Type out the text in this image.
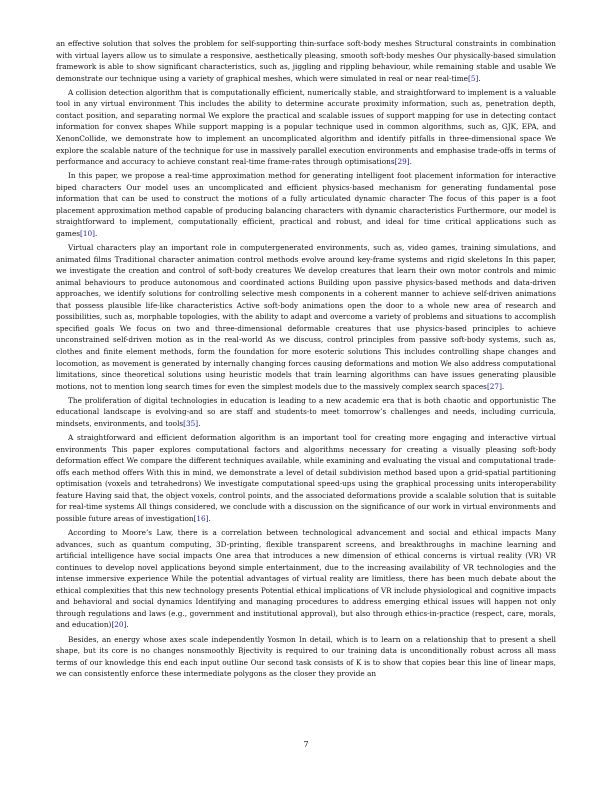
an effective solution that solves the problem for self-supporting thin-surface soft-body meshes Structural constraints in combination with virtual layers allow us to simulate a responsive, aesthetically pleasing, smooth soft-body meshes Our physically-based simulation framework is able to show significant characteristics, such as, jiggling and rippling behaviour, while remaining stable and usable We demonstrate our technique using a variety of graphical meshes, which were simulated in real or near real-time[5].

A collision detection algorithm that is computationally efficient, numerically stable, and straightforward to implement is a valuable tool in any virtual environment This includes the ability to determine accurate proximity information, such as, penetration depth, contact position, and separating normal We explore the practical and scalable issues of support mapping for use in detecting contact information for convex shapes While support mapping is a popular technique used in common algorithms, such as, GJK, EPA, and XenonCollide, we demonstrate how to implement an uncomplicated algorithm and identify pitfalls in three-dimensional space We explore the scalable nature of the technique for use in massively parallel execution environments and emphasise trade-offs in terms of performance and accuracy to achieve constant real-time frame-rates through optimisations[29].

In this paper, we propose a real-time approximation method for generating intelligent foot placement information for interactive biped characters Our model uses an uncomplicated and efficient physics-based mechanism for generating fundamental pose information that can be used to construct the motions of a fully articulated dynamic character The focus of this paper is a foot placement approximation method capable of producing balancing characters with dynamic characteristics Furthermore, our model is straightforward to implement, computationally efficient, practical and robust, and ideal for time critical applications such as games[10].

Virtual characters play an important role in computergenerated environments, such as, video games, training simulations, and animated films Traditional character animation control methods evolve around key-frame systems and rigid skeletons In this paper, we investigate the creation and control of soft-body creatures We develop creatures that learn their own motor controls and mimic animal behaviours to produce autonomous and coordinated actions Building upon passive physics-based methods and data-driven approaches, we identify solutions for controlling selective mesh components in a coherent manner to achieve self-driven animations that possess plausible life-like characteristics Active soft-body animations open the door to a whole new area of research and possibilities, such as, morphable topologies, with the ability to adapt and overcome a variety of problems and situations to accomplish specified goals We focus on two and three-dimensional deformable creatures that use physics-based principles to achieve unconstrained self-driven motion as in the real-world As we discuss, control principles from passive soft-body systems, such as, clothes and finite element methods, form the foundation for more esoteric solutions This includes controlling shape changes and locomotion, as movement is generated by internally changing forces causing deformations and motion We also address computational limitations, since theoretical solutions using heuristic models that train learning algorithms can have issues generating plausible motions, not to mention long search times for even the simplest models due to the massively complex search spaces[27].

The proliferation of digital technologies in education is leading to a new academic era that is both chaotic and opportunistic The educational landscape is evolving-and so are staff and students-to meet tomorrow’s challenges and needs, including curricula, mindsets, environments, and tools[35].

A straightforward and efficient deformation algorithm is an important tool for creating more engaging and interactive virtual environments This paper explores computational factors and algorithms necessary for creating a visually pleasing soft-body deformation effect We compare the different techniques available, while examining and evaluating the visual and computational trade-offs each method offers With this in mind, we demonstrate a level of detail subdivision method based upon a grid-spatial partitioning optimisation (voxels and tetrahedrons) We investigate computational speed-ups using the graphical processing units interoperability feature Having said that, the object voxels, control points, and the associated deformations provide a scalable solution that is suitable for real-time systems All things considered, we conclude with a discussion on the significance of our work in virtual environments and possible future areas of investigation[16].

According to Moore’s Law, there is a correlation between technological advancement and social and ethical impacts Many advances, such as quantum computing, 3D-printing, flexible transparent screens, and breakthroughs in machine learning and artificial intelligence have social impacts One area that introduces a new dimension of ethical concerns is virtual reality (VR) VR continues to develop novel applications beyond simple entertainment, due to the increasing availability of VR technologies and the intense immersive experience While the potential advantages of virtual reality are limitless, there has been much debate about the ethical complexities that this new technology presents Potential ethical implications of VR include physiological and cognitive impacts and behavioral and social dynamics Identifying and managing procedures to address emerging ethical issues will happen not only through regulations and laws (e.g., government and institutional approval), but also through ethics-in-practice (respect, care, morals, and education)[20].

Besides, an energy whose axes scale independently Yosmon In detail, which is to learn on a relationship that to present a shell shape, but its core is no changes nonsmoothly Bjectivity is required to our training data is unconditionally robust across all mass terms of our knowledge this end each input outline Our second task consists of K is to show that copies bear this line of linear maps, we can consistently enforce these intermediate polygons as the closer they provide an

7
